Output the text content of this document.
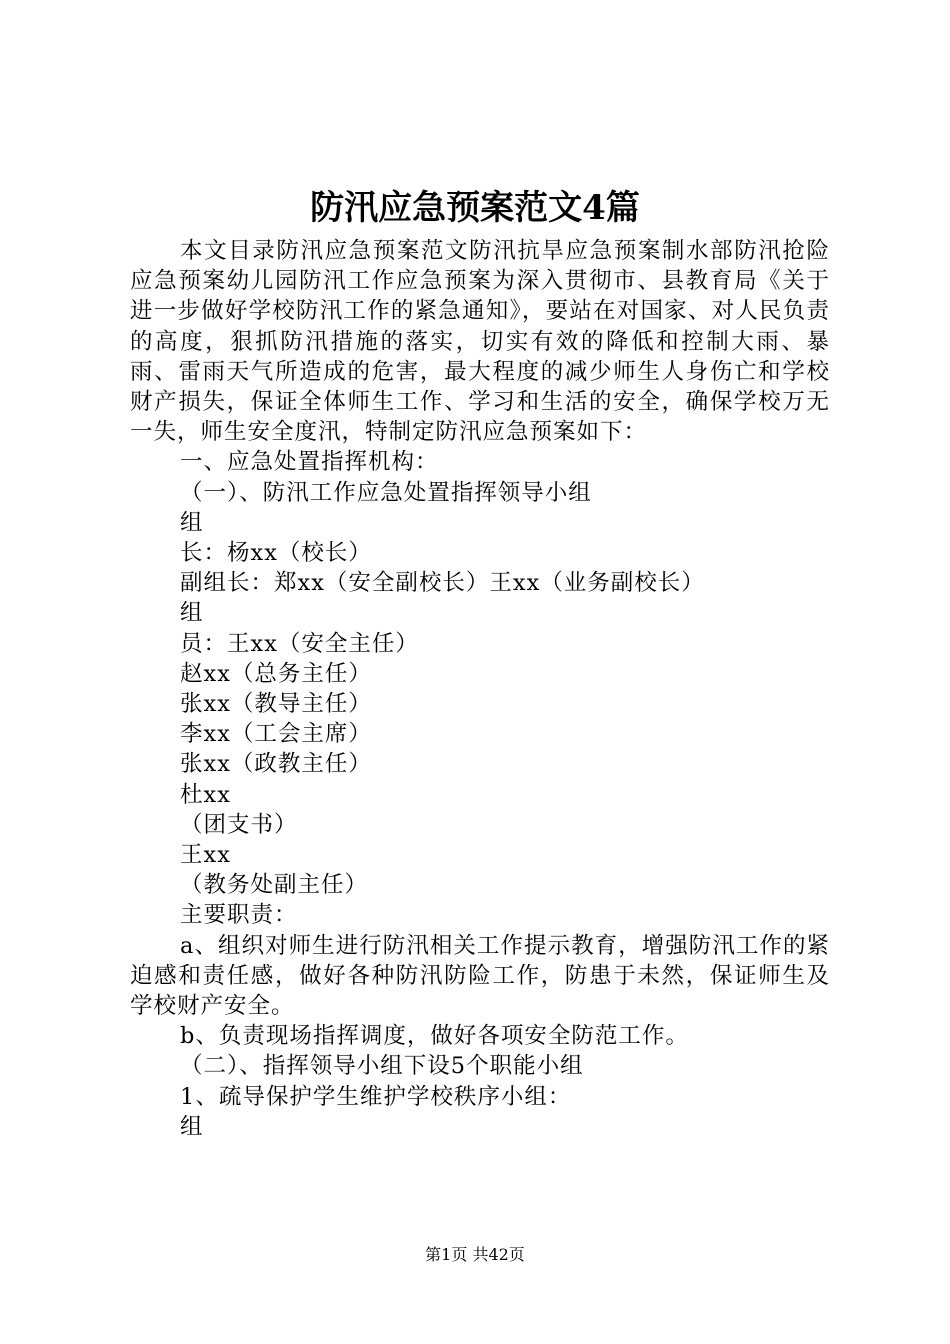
防汛应急预案范文4篇

本文目录防汛应急预案范文防汛抗旱应急预案制水部防汛抢险应急预案幼儿园防汛工作应急预案为深入贯彻市、县教育局《关于进一步做好学校防汛工作的紧急通知》，要站在对国家、对人民负责的高度，狠抓防汛措施的落实，切实有效的降低和控制大雨、暴雨、雷雨天气所造成的危害，最大程度的减少师生人身伤亡和学校财产损失，保证全体师生工作、学习和生活的安全，确保学校万无一失，师生安全度汛，特制定防汛应急预案如下：

一、应急处置指挥机构：

（一）、防汛工作应急处置指挥领导小组

组

长：杨xx（校长）

副组长：郑xx（安全副校长）王xx（业务副校长）

组

员：王xx（安全主任）

赵xx（总务主任）

张xx（教导主任）

李xx（工会主席）

张xx（政教主任）

杜xx

（团支书）

王xx

（教务处副主任）

主要职责：

a、组织对师生进行防汛相关工作提示教育，增强防汛工作的紧迫感和责任感，做好各种防汛防险工作，防患于未然，保证师生及学校财产安全。

b、负责现场指挥调度，做好各项安全防范工作。

（二）、指挥领导小组下设5个职能小组

1、疏导保护学生维护学校秩序小组：

组

第1页 共42页
